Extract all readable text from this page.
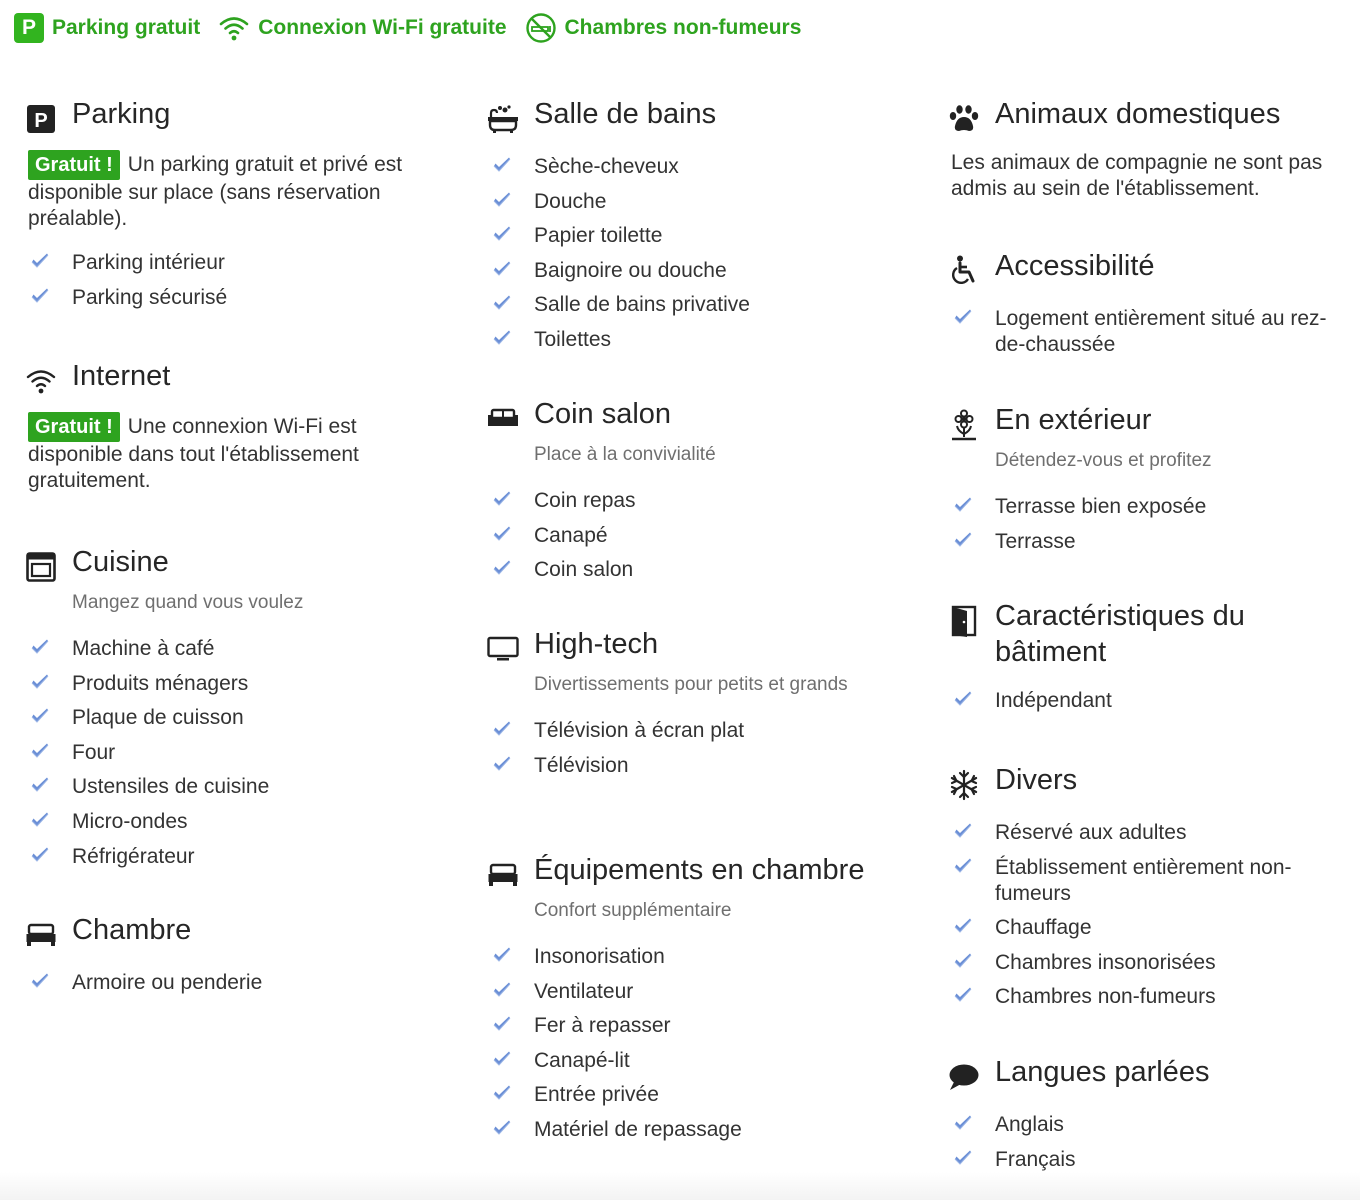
P Parking gratuit	Connexion Wi-Fi gratuite	Chambres non-fumeurs
P Parking

Gratuit ! Un parking gratuit et privé est disponible sur place (sans réservation préalable).

Parking intérieur
Parking sécurisé
Internet

Gratuit ! Une connexion Wi-Fi est disponible dans tout l'établissement gratuitement.

Cuisine
Mangez quand vous voulez
Machine à café
Produits ménagers
Plaque de cuisson
Four
Ustensiles de cuisine
Micro-ondes
Réfrigérateur
Chambre
Armoire ou penderie
Salle de bains
Sèche-cheveux
Douche
Papier toilette
Baignoire ou douche
Salle de bains privative
Toilettes
Coin salon
Place à la convivialité
Coin repas
Canapé
Coin salon
High-tech
Divertissements pour petits et grands
Télévision à écran plat
Télévision
Équipements en chambre
Confort supplémentaire
Insonorisation
Ventilateur
Fer à repasser
Canapé-lit
Entrée privée
Matériel de repassage
Animaux domestiques

Les animaux de compagnie ne sont pas admis au sein de l'établissement.

Accessibilité
Logement entièrement situé au rez-de-chaussée
En extérieur
Détendez-vous et profitez
Terrasse bien exposée
Terrasse
Caractéristiques du bâtiment
Indépendant
Divers
Réservé aux adultes
Établissement entièrement non-fumeurs
Chauffage
Chambres insonorisées
Chambres non-fumeurs
Langues parlées
Anglais
Français
